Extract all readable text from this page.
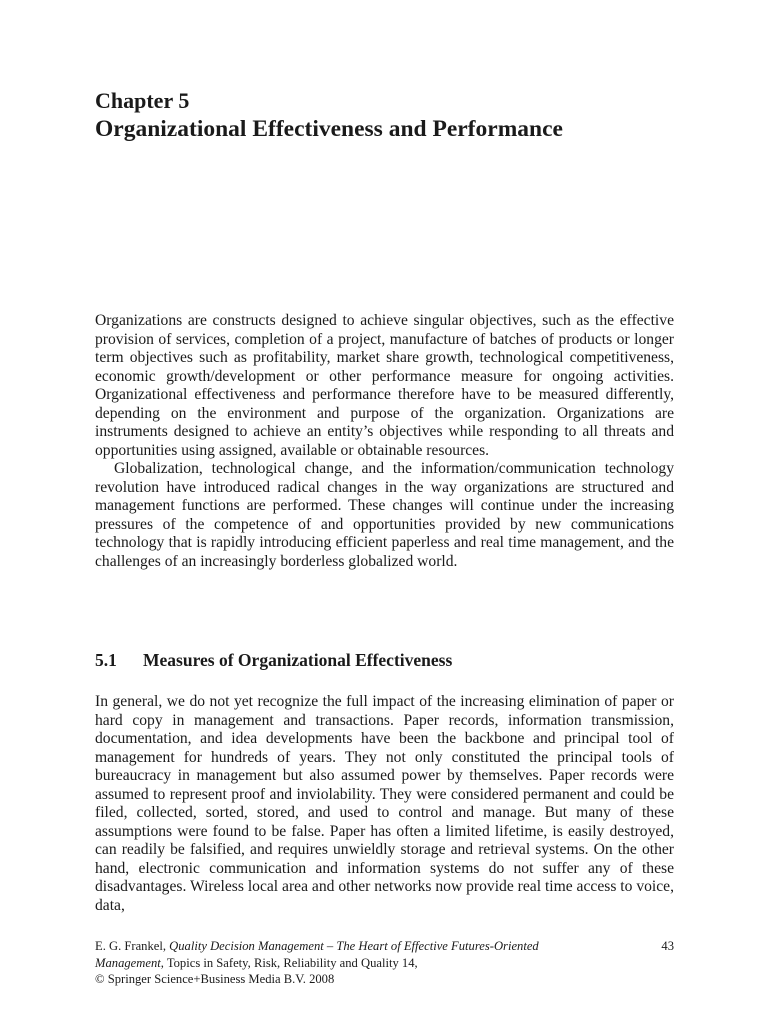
Chapter 5
Organizational Effectiveness and Performance

Organizations are constructs designed to achieve singular objectives, such as the effective provision of services, completion of a project, manufacture of batches of products or longer term objectives such as profitability, market share growth, technological competitiveness, economic growth/development or other performance measure for ongoing activities. Organizational effectiveness and performance therefore have to be measured differently, depending on the environment and purpose of the organization. Organizations are instruments designed to achieve an entity’s objectives while responding to all threats and opportunities using assigned, available or obtainable resources.

Globalization, technological change, and the information/communication technology revolution have introduced radical changes in the way organizations are structured and management functions are performed. These changes will continue under the increasing pressures of the competence of and opportunities provided by new communications technology that is rapidly introducing efficient paperless and real time management, and the challenges of an increasingly borderless globalized world.

5.1 Measures of Organizational Effectiveness

In general, we do not yet recognize the full impact of the increasing elimination of paper or hard copy in management and transactions. Paper records, information transmission, documentation, and idea developments have been the backbone and principal tool of management for hundreds of years. They not only constituted the principal tools of bureaucracy in management but also assumed power by themselves. Paper records were assumed to represent proof and inviolability. They were considered permanent and could be filed, collected, sorted, stored, and used to control and manage. But many of these assumptions were found to be false. Paper has often a limited lifetime, is easily destroyed, can readily be falsified, and requires unwieldly storage and retrieval systems. On the other hand, electronic communication and information systems do not suffer any of these disadvantages. Wireless local area and other networks now provide real time access to voice, data,

43
E. G. Frankel, Quality Decision Management – The Heart of Effective Futures-Oriented
Management, Topics in Safety, Risk, Reliability and Quality 14,
© Springer Science+Business Media B.V. 2008
